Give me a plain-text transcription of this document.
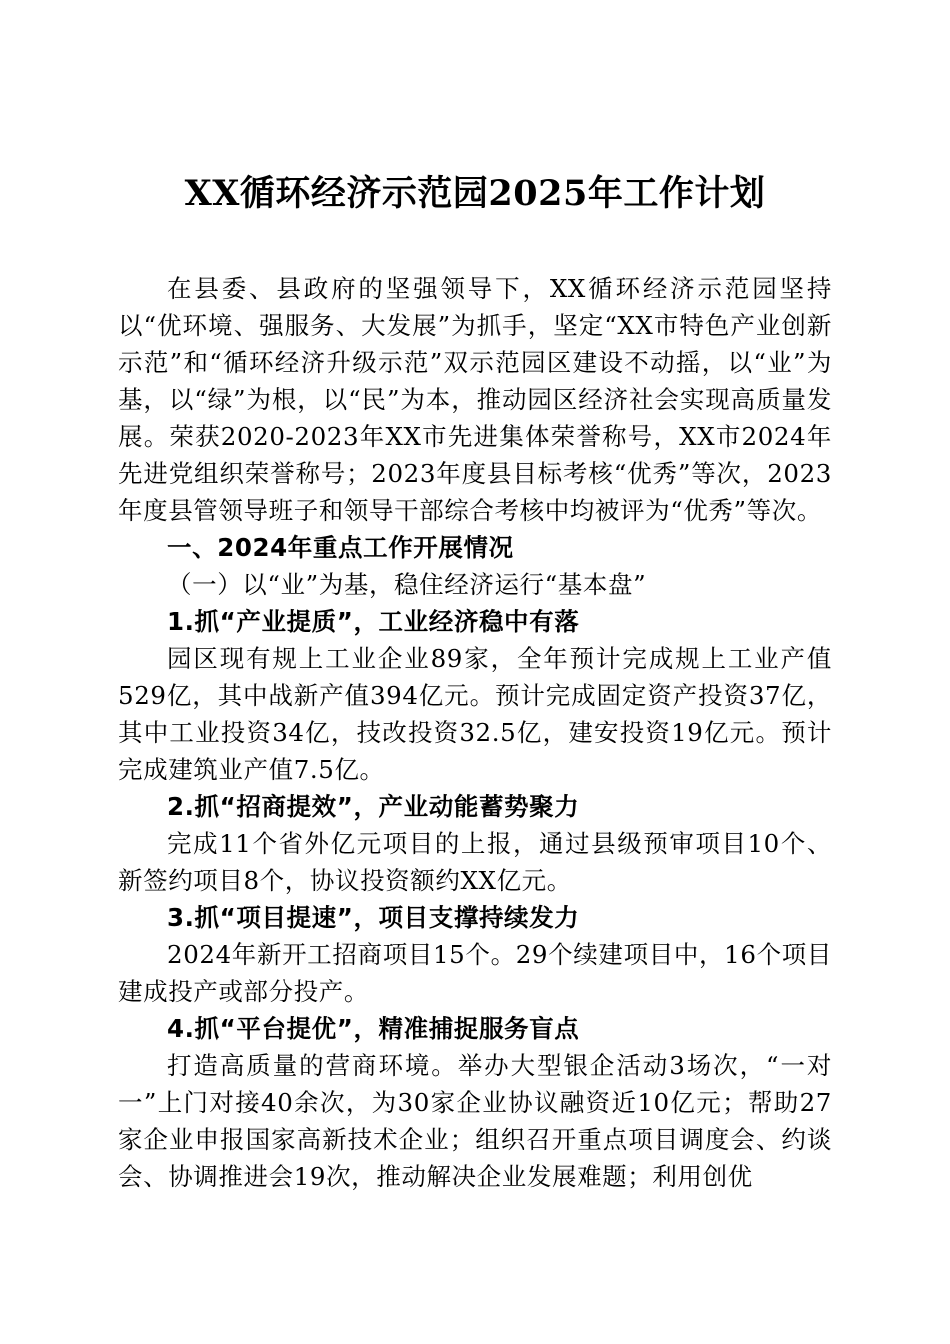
XX循环经济示范园2025年工作计划

在县委、县政府的坚强领导下，XX循环经济示范园坚持以“优环境、强服务、大发展”为抓手，坚定“XX市特色产业创新示范”和“循环经济升级示范”双示范园区建设不动摇，以“业”为基，以“绿”为根，以“民”为本，推动园区经济社会实现高质量发展。荣获2020-2023年XX市先进集体荣誉称号，XX市2024年先进党组织荣誉称号；2023年度县目标考核“优秀”等次，2023年度县管领导班子和领导干部综合考核中均被评为“优秀”等次。

一、2024年重点工作开展情况

（一）以“业”为基，稳住经济运行“基本盘”

1.抓“产业提质”，工业经济稳中有落

园区现有规上工业企业89家，全年预计完成规上工业产值529亿，其中战新产值394亿元。预计完成固定资产投资37亿，其中工业投资34亿，技改投资32.5亿，建安投资19亿元。预计完成建筑业产值7.5亿。

2.抓“招商提效”，产业动能蓄势聚力

完成11个省外亿元项目的上报，通过县级预审项目10个、新签约项目8个，协议投资额约XX亿元。

3.抓“项目提速”，项目支撑持续发力

2024年新开工招商项目15个。29个续建项目中，16个项目建成投产或部分投产。

4.抓“平台提优”，精准捕捉服务盲点

打造高质量的营商环境。举办大型银企活动3场次，“一对一”上门对接40余次，为30家企业协议融资近10亿元；帮助27家企业申报国家高新技术企业；组织召开重点项目调度会、约谈会、协调推进会19次，推动解决企业发展难题；利用创优
